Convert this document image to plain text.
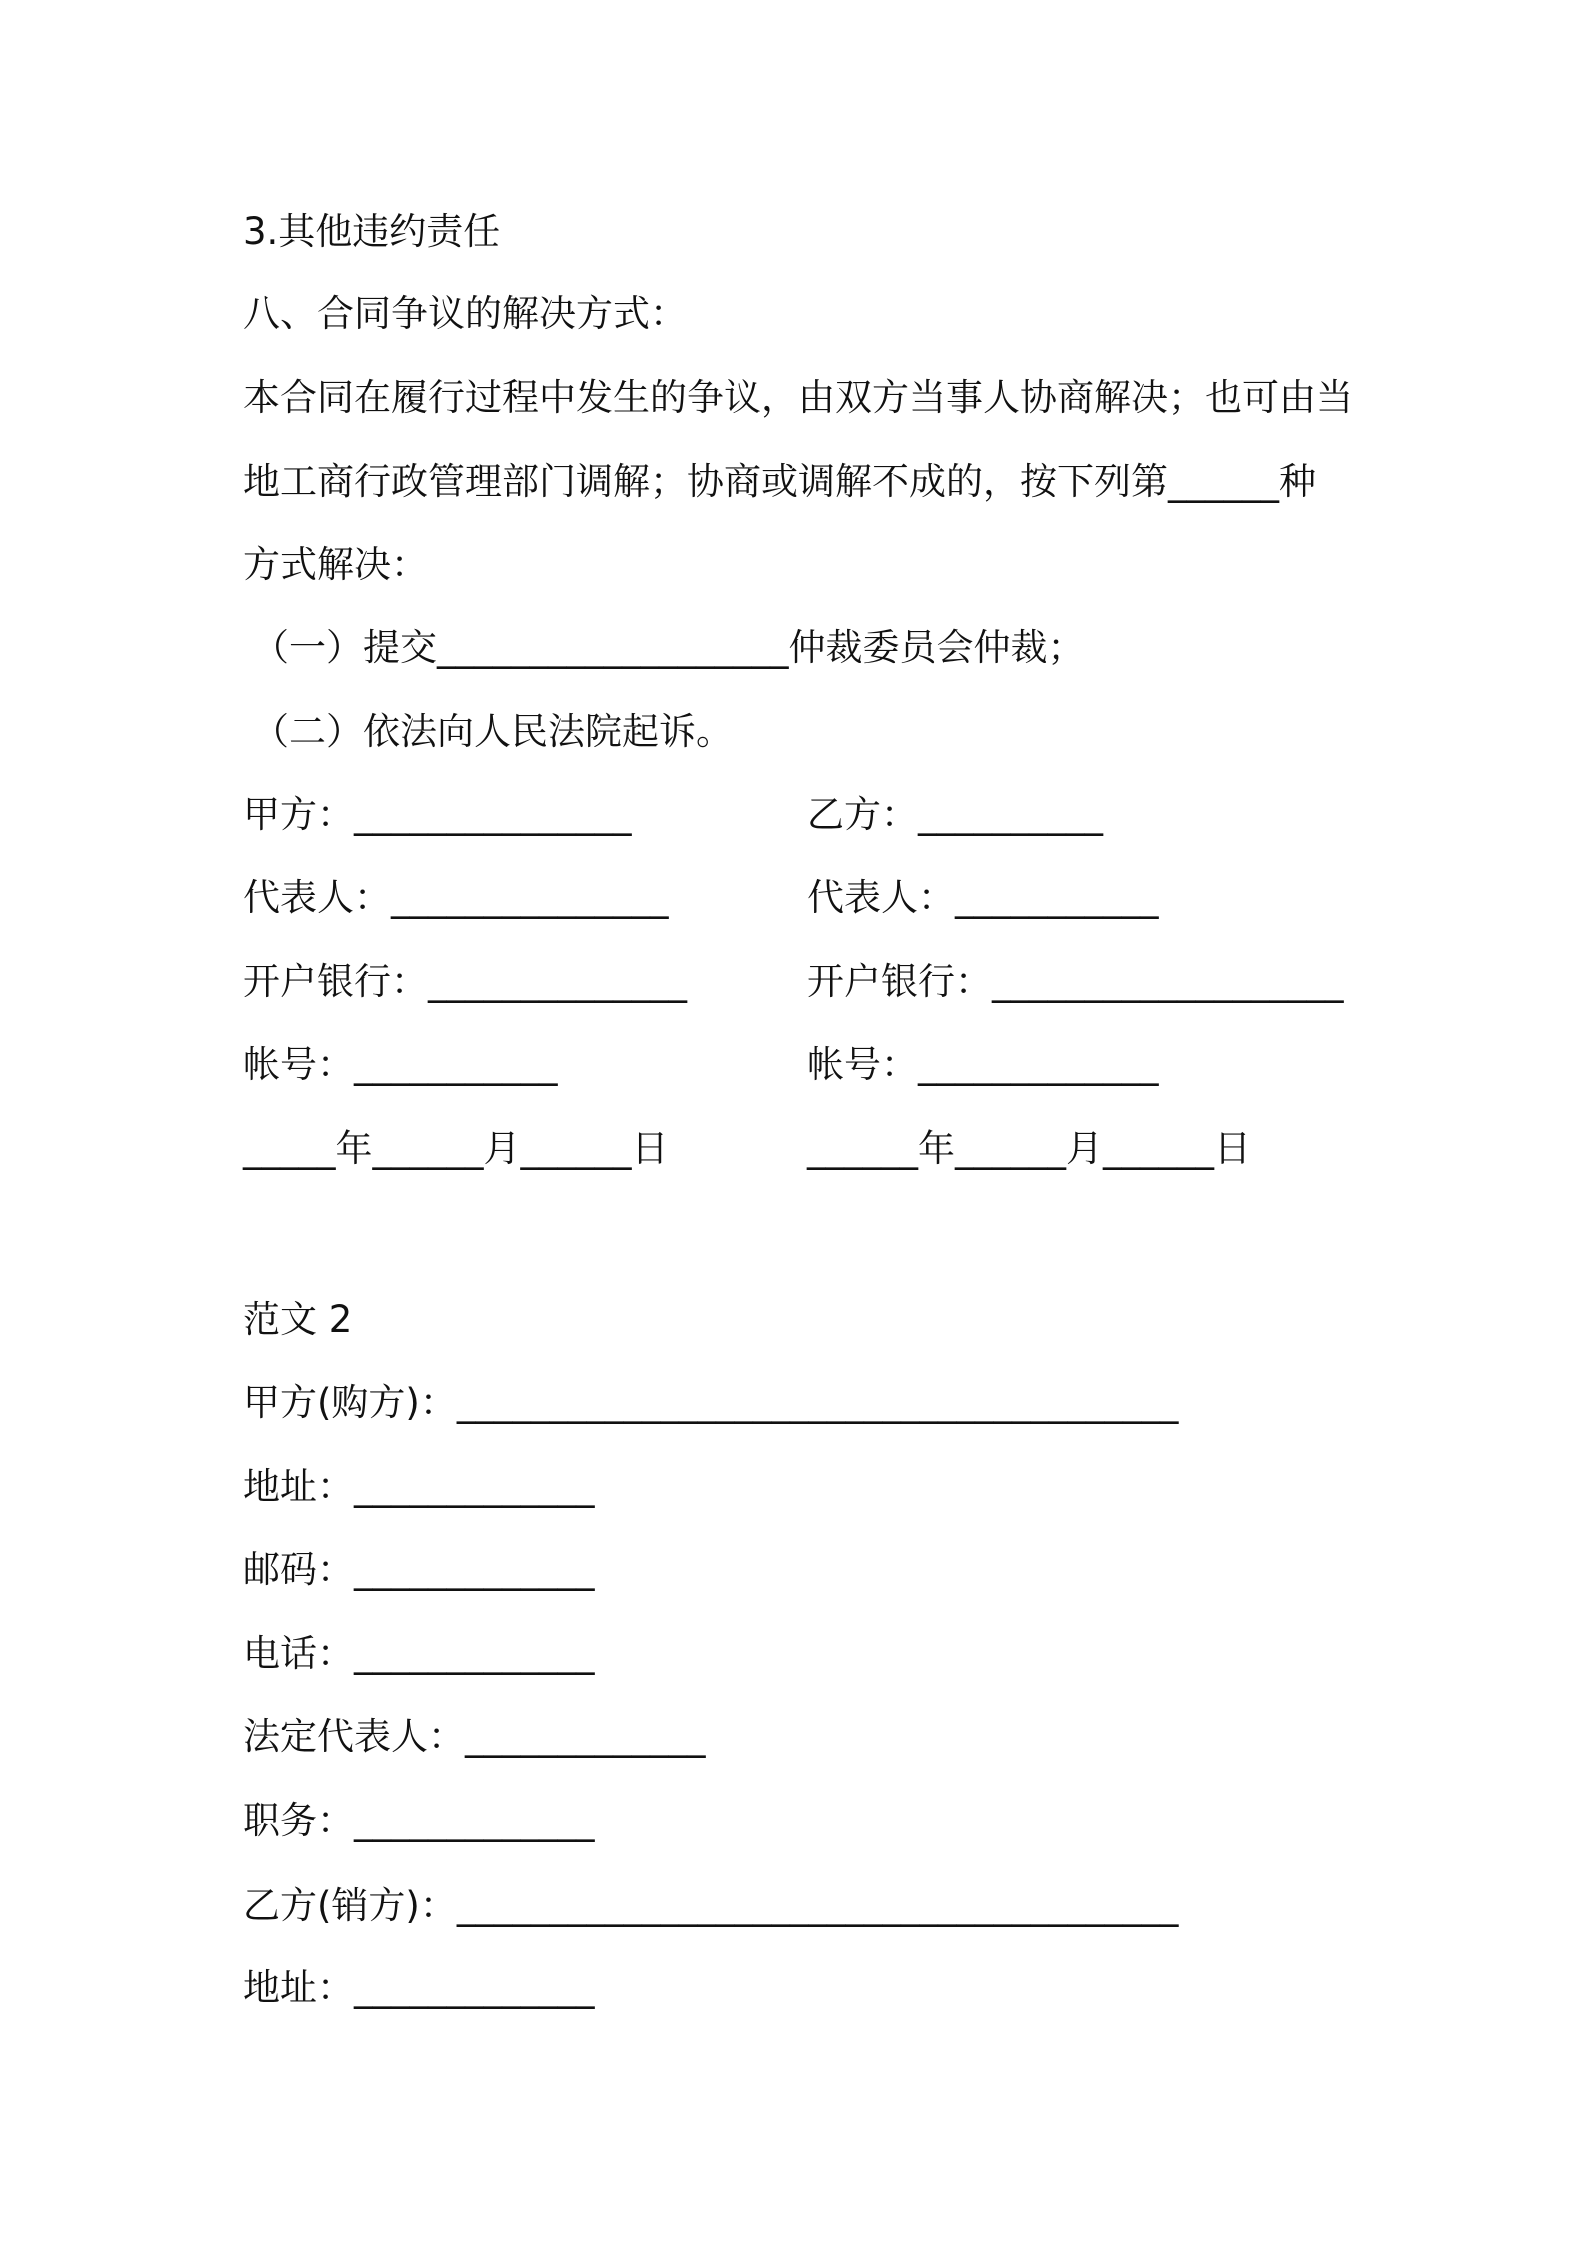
3.其他违约责任
八、合同争议的解决方式：
本合同在履行过程中发生的争议，由双方当事人协商解决；也可由当
地工商行政管理部门调解；协商或调解不成的，按下列第______种
方式解决：
（一）提交___________________仲裁委员会仲裁；
（二）依法向人民法院起诉。
甲方：_______________	乙方：__________
代表人：_______________	代表人：___________
开户银行：______________	开户银行：___________________
帐号：___________	帐号：_____________
_____年______月______日	______年______月______日
范文 2
甲方(购方)：_______________________________________
地址：_____________
邮码：_____________
电话：_____________
法定代表人：_____________
职务：_____________
乙方(销方)：_______________________________________
地址：_____________
